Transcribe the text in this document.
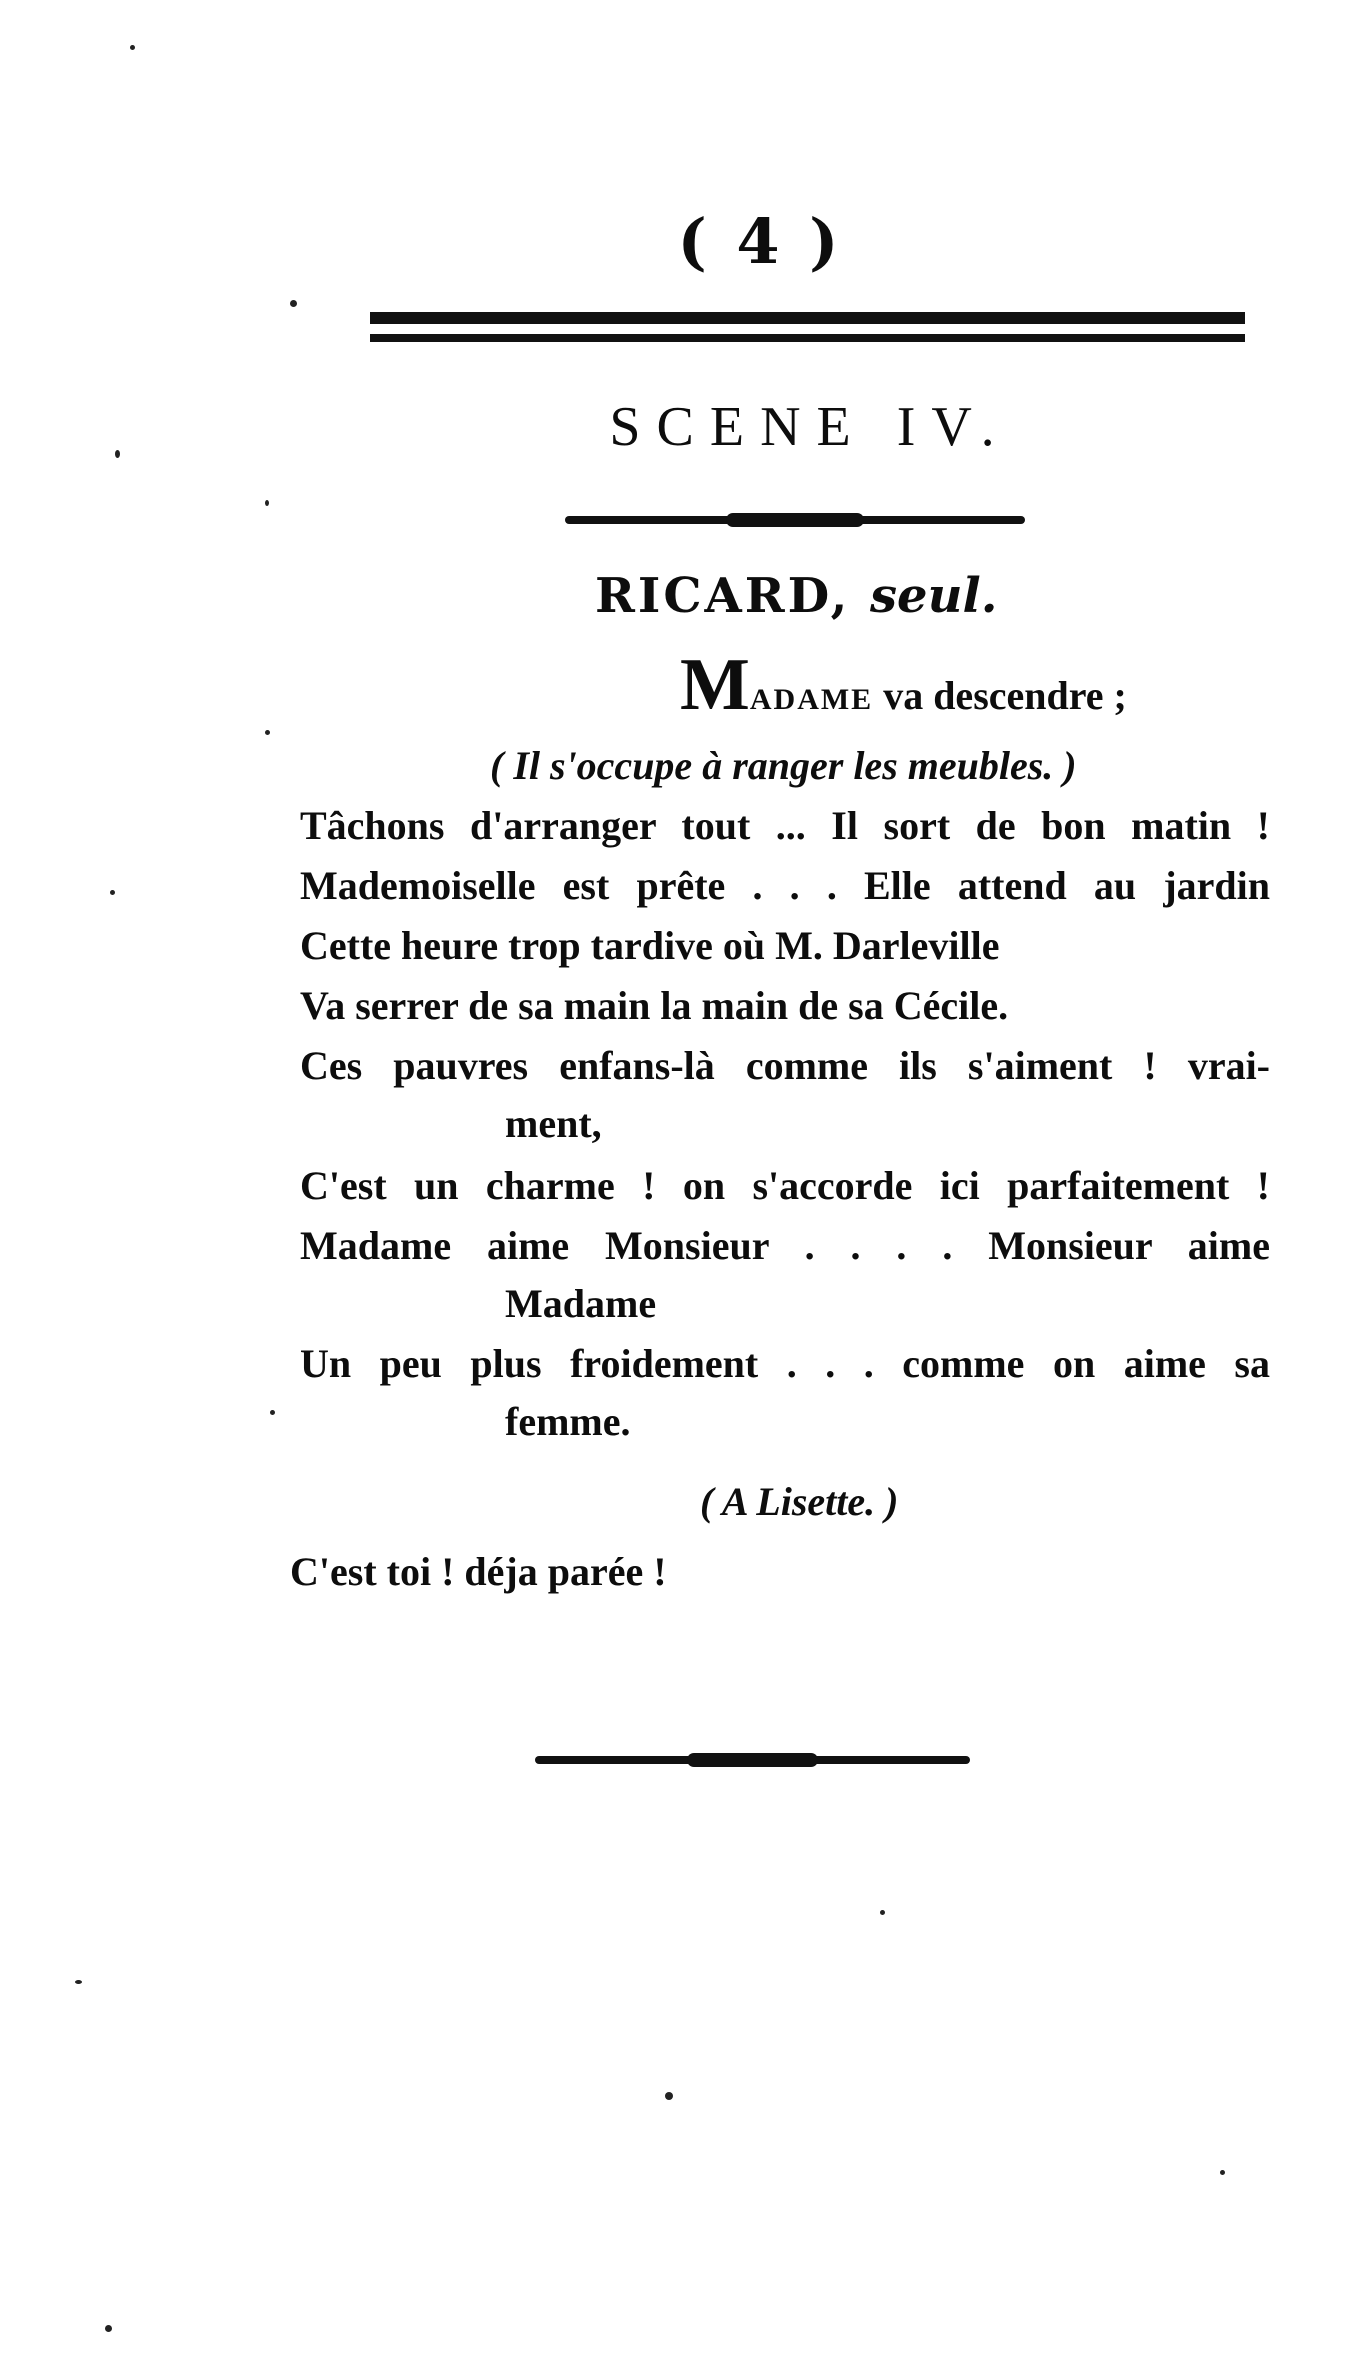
( 4 )
SCENE IV.
RICARD, seul.
MADAME va descendre ;
( Il s'occupe à ranger les meubles. )
Tâchons d'arranger tout ... Il sort de bon matin !
Mademoiselle est prête . . . Elle attend au jardin
Cette heure trop tardive où M. Darleville
Va serrer de sa main la main de sa Cécile.
Ces pauvres enfans-là comme ils s'aiment ! vrai-
ment,
C'est un charme ! on s'accorde ici parfaitement !
Madame aime Monsieur . . . . Monsieur aime
Madame
Un peu plus froidement . . . comme on aime sa
femme.
( A Lisette. )
C'est toi ! déja parée !
